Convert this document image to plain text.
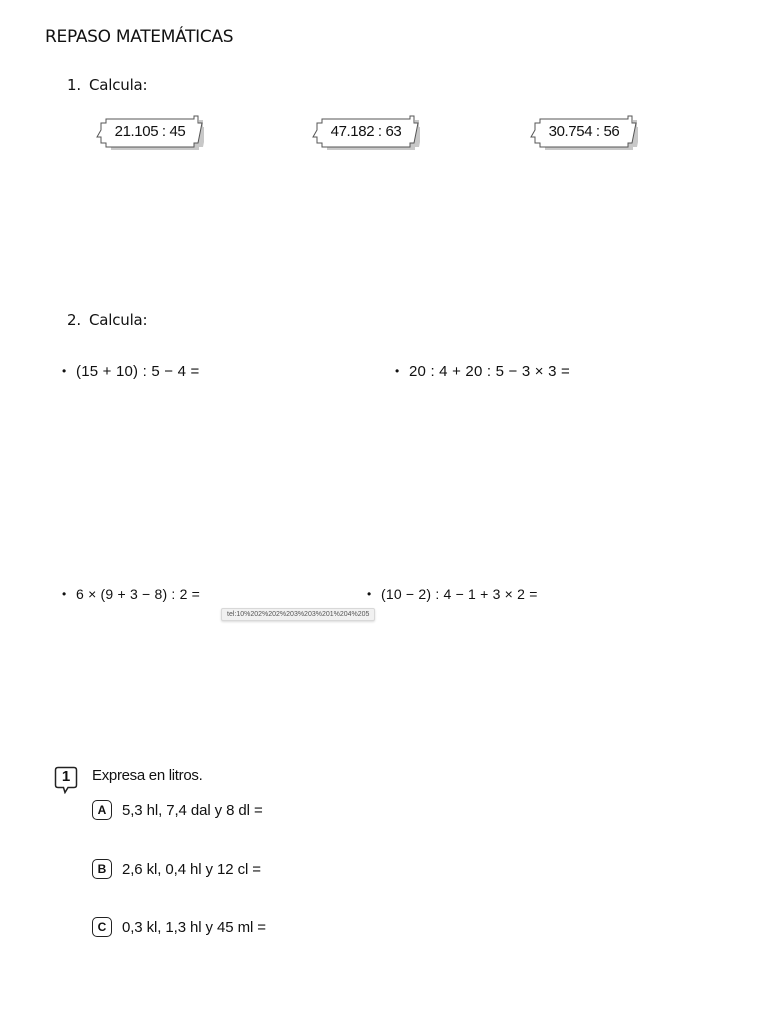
REPASO MATEMÁTICAS
1. Calcula:
21.105 : 45	47.182 : 63	30.754 : 56
2. Calcula:
• (15 + 10) : 5 − 4 =	• 20 : 4 + 20 : 5 − 3 × 3 =
• 6 × (9 + 3 − 8) : 2 =	• (10 − 2) : 4 − 1 + 3 × 2 =
tel:10%202%202%203%203%201%204%205
1	Expresa en litros.
A	5,3 hl, 7,4 dal y 8 dl =
B	2,6 kl, 0,4 hl y 12 cl =
C	0,3 kl, 1,3 hl y 45 ml =
